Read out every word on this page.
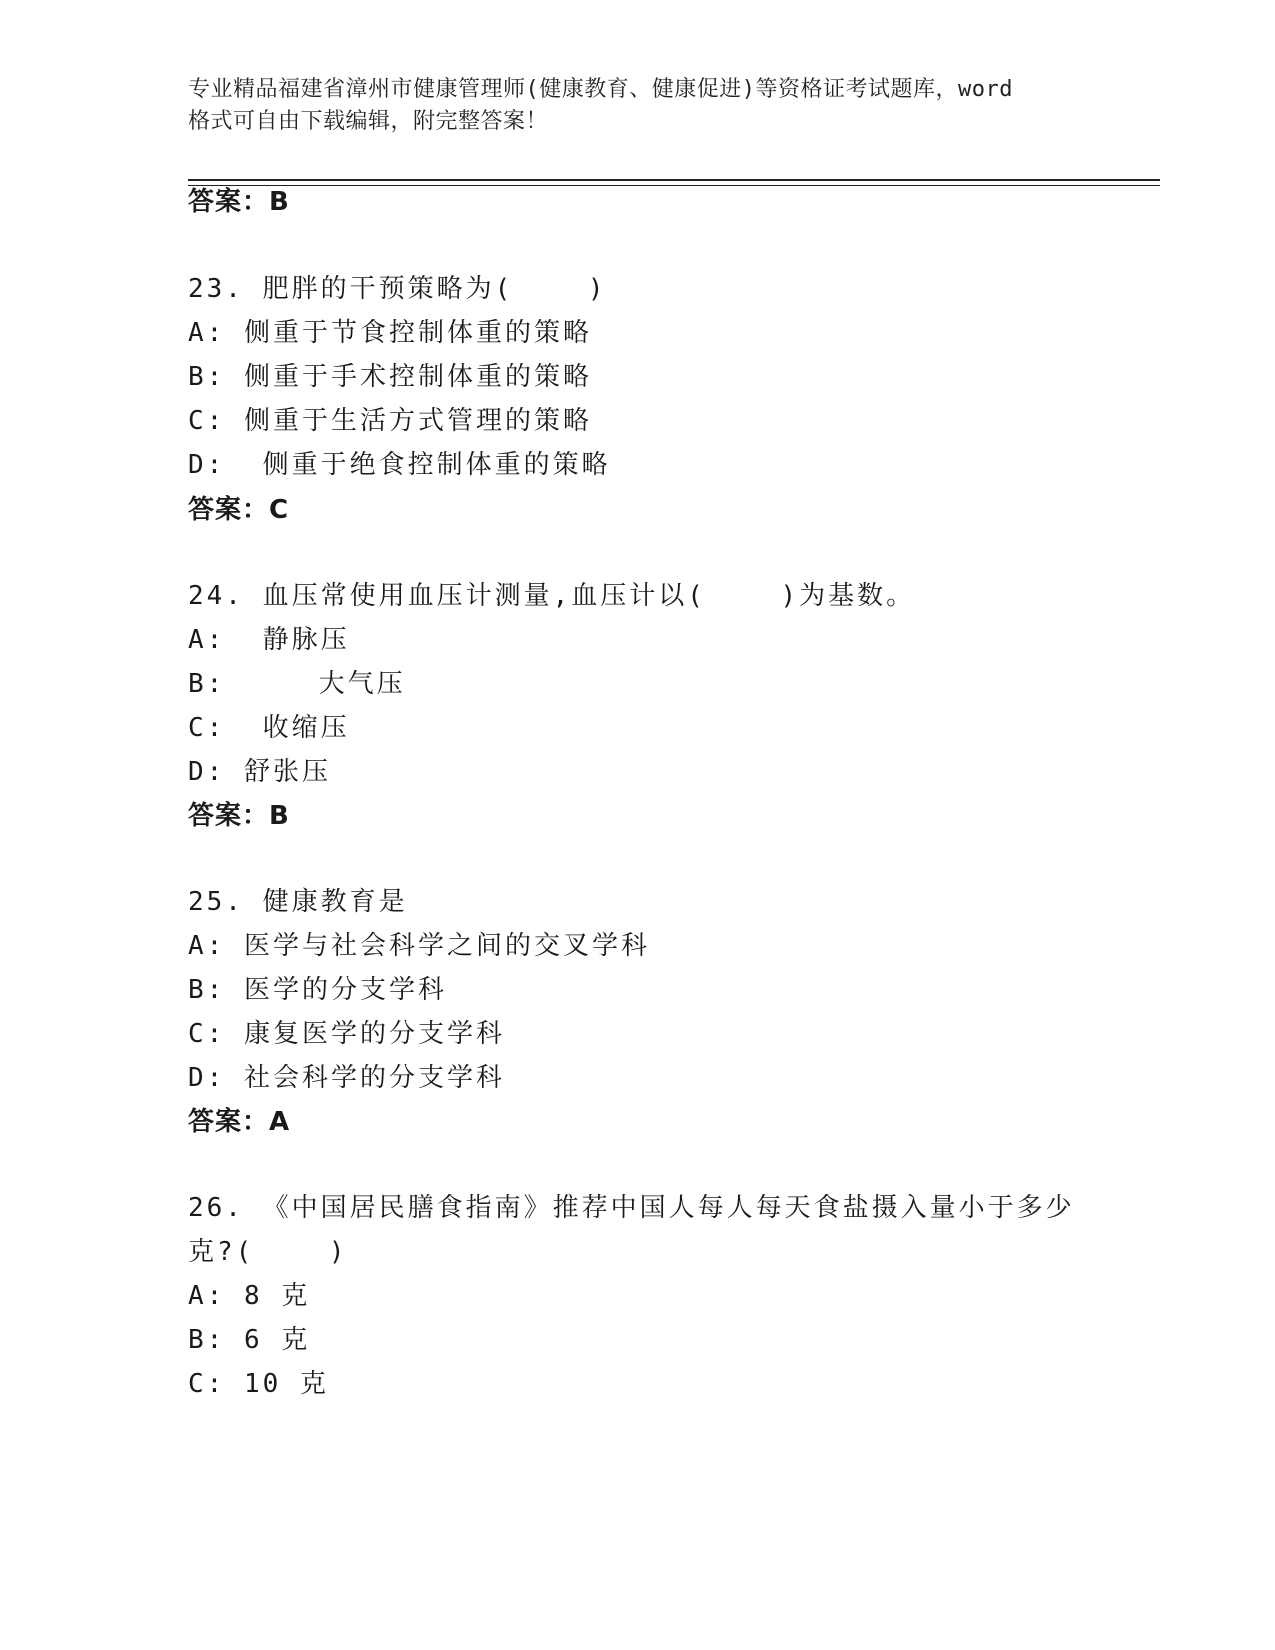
专业精品福建省漳州市健康管理师(健康教育、健康促进)等资格证考试题库，word
格式可自由下载编辑，附完整答案！
答案：B
23. 肥胖的干预策略为(    )
A: 侧重于节食控制体重的策略
B: 侧重于手术控制体重的策略
C: 侧重于生活方式管理的策略
D:  侧重于绝食控制体重的策略
答案：C
24. 血压常使用血压计测量,血压计以(    )为基数。
A:  静脉压
B:     大气压
C:  收缩压
D: 舒张压
答案：B
25. 健康教育是
A: 医学与社会科学之间的交叉学科
B: 医学的分支学科
C: 康复医学的分支学科
D: 社会科学的分支学科
答案：A
26. 《中国居民膳食指南》推荐中国人每人每天食盐摄入量小于多少
克?(    )
A: 8 克
B: 6 克
C: 10 克
